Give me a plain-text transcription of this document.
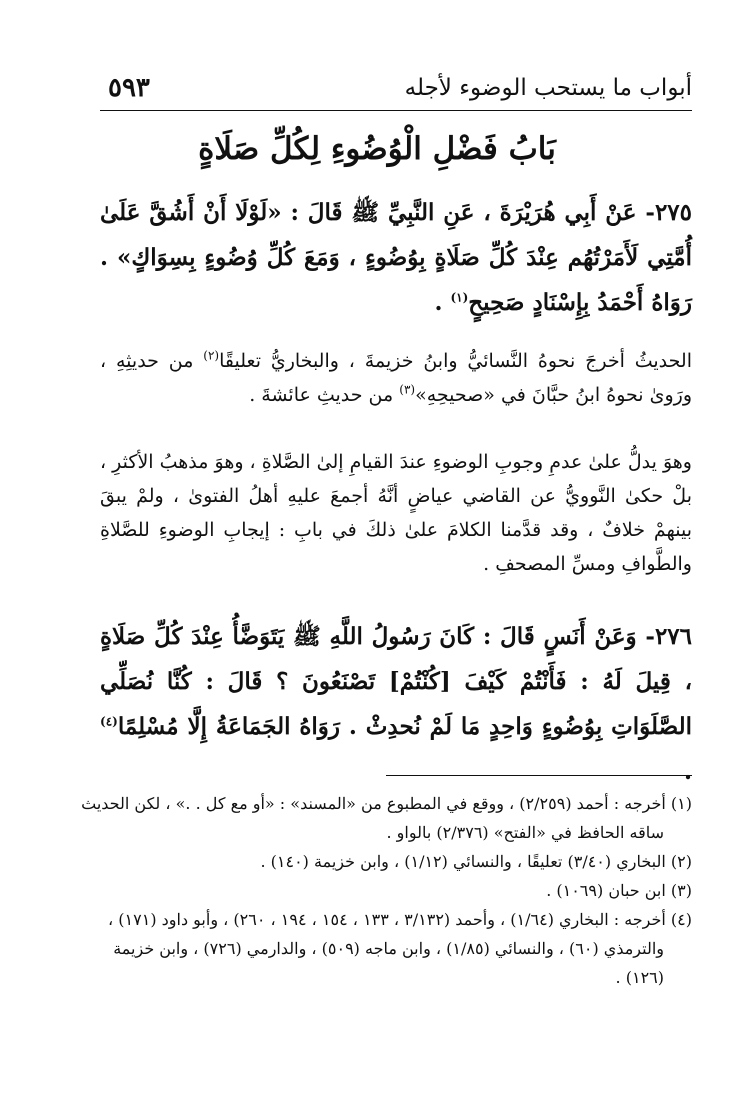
أبواب ما يستحب الوضوء لأجله
٥٩٣
بَابُ فَضْلِ الْوُضُوءِ لِكُلِّ صَلَاةٍ
٢٧٥- عَنْ أَبِي هُرَيْرَةَ ، عَنِ النَّبِيِّ ﷺ قَالَ : «لَوْلَا أَنْ أَشُقَّ عَلَىٰ أُمَّتِي لَأَمَرْتُهُم عِنْدَ كُلِّ صَلَاةٍ بِوُضُوءٍ ، وَمَعَ كُلِّ وُضُوءٍ بِسِوَاكٍ» . رَوَاهُ أَحْمَدُ بِإِسْنَادٍ صَحِيحٍ$^{(١)}$ .
الحديثُ أخرجَ نحوهُ النَّسائيُّ وابنُ خزيمةَ ، والبخاريُّ تعليقًا$^{(٢)}$ من حديثِهِ ، ورَوىٰ نحوهُ ابنُ حبَّانَ في «صحيحِهِ»$^{(٣)}$ من حديثِ عائشةَ .
وهوَ يدلُّ علىٰ عدمِ وجوبِ الوضوءِ عندَ القيامِ إلىٰ الصَّلاةِ ، وهوَ مذهبُ الأكثرِ ، بلْ حكىٰ النَّوويُّ عن القاضي عياضٍ أنَّهُ أجمعَ عليهِ أهلُ الفتوىٰ ، ولمْ يبقَ بينهمْ خلافٌ ، وقد قدَّمنا الكلامَ علىٰ ذلكَ في بابِ : إيجابِ الوضوءِ للصَّلاةِ والطَّوافِ ومسِّ المصحفِ .
٢٧٦- وَعَنْ أَنَسٍ قَالَ : كَانَ رَسُولُ اللَّهِ ﷺ يَتَوَضَّأُ عِنْدَ كُلِّ صَلَاةٍ ، قِيلَ لَهُ : فَأَنْتُمْ كَيْفَ [كُنْتُمْ] تَصْنَعُونَ ؟ قَالَ : كُنَّا نُصَلِّي الصَّلَوَاتِ بِوُضُوءٍ وَاحِدٍ مَا لَمْ نُحدِثْ . رَوَاهُ الجَمَاعَةُ إِلَّا مُسْلِمًا$^{(٤)}$ .
(١) أخرجه : أحمد (٢/٢٥٩) ، ووقع في المطبوع من «المسند» : «أو مع كل . .» ، لكن الحديث ساقه الحافظ في «الفتح» (٢/٣٧٦) بالواو .
(٢) البخاري (٣/٤٠) تعليقًا ، والنسائي (١/١٢) ، وابن خزيمة (١٤٠) .
(٣) ابن حبان (١٠٦٩) .
(٤) أخرجه : البخاري (١/٦٤) ، وأحمد (٣/١٣٢ ، ١٣٣ ، ١٥٤ ، ١٩٤ ، ٢٦٠) ، وأبو داود (١٧١) ، والترمذي (٦٠) ، والنسائي (١/٨٥) ، وابن ماجه (٥٠٩) ، والدارمي (٧٢٦) ، وابن خزيمة (١٢٦) .
